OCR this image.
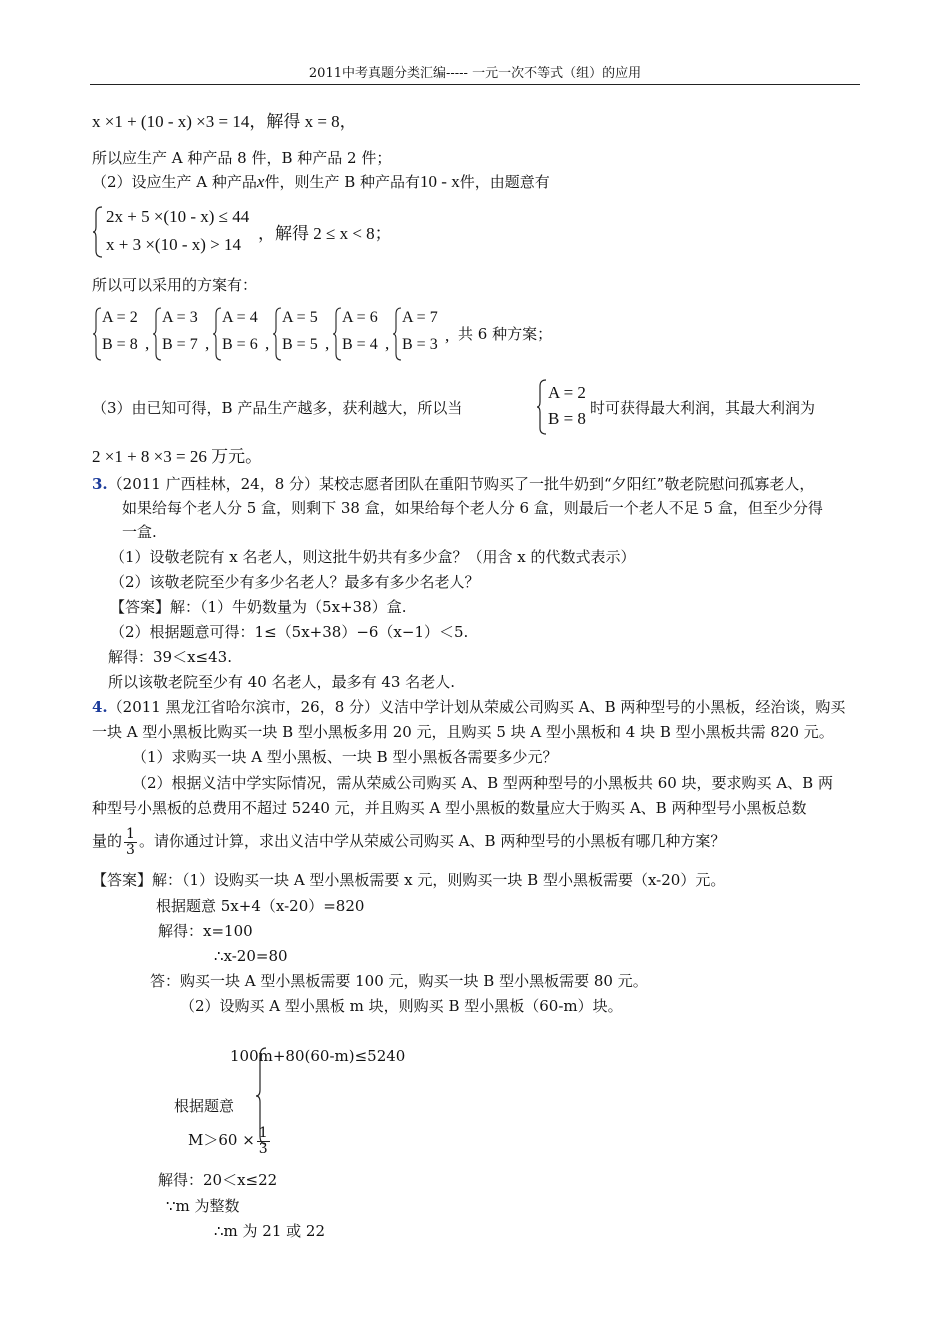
2011中考真题分类汇编----- 一元一次不等式（组）的应用
x ×1 + (10 - x) ×3 = 14，解得 x = 8，
所以应生产 A 种产品 8 件，B 种产品 2 件；
（2）设应生产 A 种产品x件，则生产 B 种产品有10 - x件，由题意有
2x + 5 ×(10 - x) ≤ 44
x + 3 ×(10 - x) > 14
，解得 2 ≤ x < 8；
所以可以采用的方案有：
A = 2
B = 8 ,
A = 3
B = 7 ,
A = 4
B = 6 ,
A = 5
B = 5 ,
A = 6
B = 4 ,
A = 7
B = 3 , 共 6 种方案；
（3）由已知可得，B 产品生产越多，获利越大，所以当
A = 2
B = 8
时可获得最大利润，其最大利润为
2 ×1 + 8 ×3 = 26 万元。
3.（2011 广西桂林，24，8 分）某校志愿者团队在重阳节购买了一批牛奶到“夕阳红”敬老院慰问孤寡老人，
如果给每个老人分 5 盒，则剩下 38 盒，如果给每个老人分 6 盒，则最后一个老人不足 5 盒，但至少分得
一盒.
（1）设敬老院有 x 名老人，则这批牛奶共有多少盒？（用含 x 的代数式表示）
（2）该敬老院至少有多少名老人？最多有多少名老人？
【答案】解：（1）牛奶数量为（5x+38）盒.
（2）根据题意可得：1≤（5x+38）−6（x−1）＜5.
解得：39＜x≤43.
所以该敬老院至少有 40 名老人，最多有 43 名老人.
4.（2011 黑龙江省哈尔滨市，26，8 分）义洁中学计划从荣威公司购买 A、B 两种型号的小黑板，经治谈，购买
一块 A 型小黑板比购买一块 B 型小黑板多用 20 元，且购买 5 块 A 型小黑板和 4 块 B 型小黑板共需 820 元。
（1）求购买一块 A 型小黑板、一块 B 型小黑板各需要多少元？
（2）根据义洁中学实际情况，需从荣威公司购买 A、B 型两种型号的小黑板共 60 块，要求购买 A、B 两
种型号小黑板的总费用不超过 5240 元，并且购买 A 型小黑板的数量应大于购买 A、B 两种型号小黑板总数
量的 $\frac{1}{3}$ 。请你通过计算，求出义洁中学从荣威公司购买 A、B 两种型号的小黑板有哪几种方案？
【答案】解：（1）设购买一块 A 型小黑板需要 x 元，则购买一块 B 型小黑板需要（x-20）元。
根据题意 5x+4（x-20）=820
解得：x=100
∴x-20=80
答：购买一块 A 型小黑板需要 100 元，购买一块 B 型小黑板需要 80 元。
（2）设购买 A 型小黑板 m 块，则购买 B 型小黑板（60-m）块。
100m+80(60-m)≤5240
根据题意
$M>60 \times \frac{1}{3}$
解得：20＜x≤22
∵m 为整数
∴m 为 21 或 22
